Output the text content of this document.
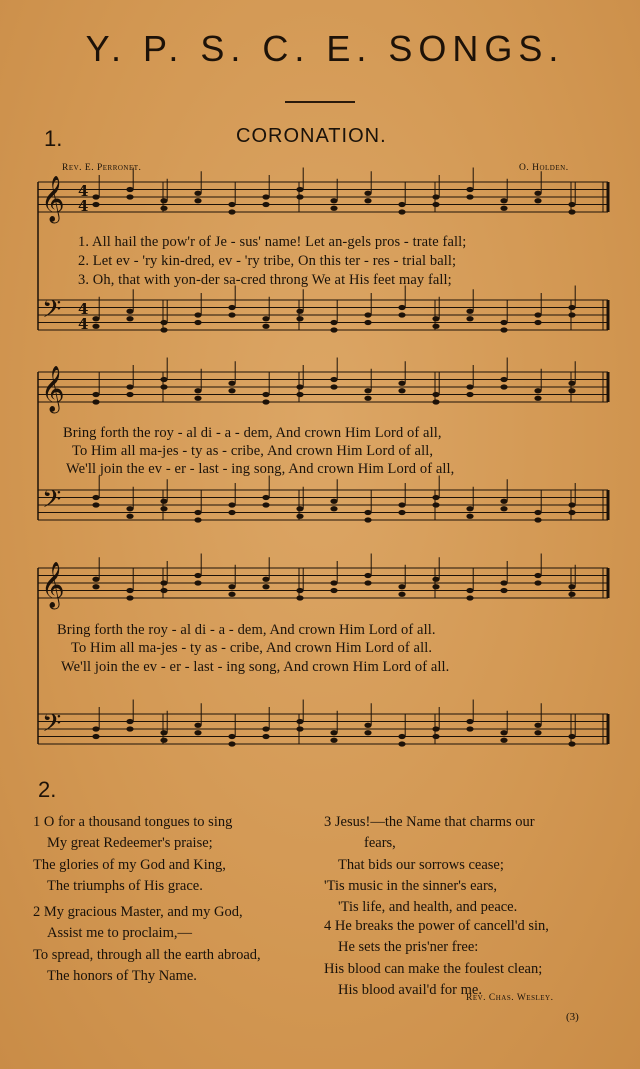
Y. P. S. C. E. SONGS.
1.	CORONATION.
Rev. E. Perronet.	O. Holden.
𝄞
𝄢
𝄞
𝄢
𝄞
𝄢
4
4
4
4
1. All hail the pow'r of Je - sus' name! Let an-gels pros - trate fall;
2. Let ev - 'ry kin-dred, ev - 'ry tribe, On this ter - res - trial ball;
3. Oh, that with yon-der sa-cred throng We at His feet may fall;
Bring forth the roy - al di - a - dem, And crown Him Lord of all,
To Him all ma-jes - ty as - cribe, And crown Him Lord of all,
We'll join the ev - er - last - ing song, And crown Him Lord of all,
Bring forth the roy - al di - a - dem, And crown Him Lord of all.
To Him all ma-jes - ty as - cribe, And crown Him Lord of all.
We'll join the ev - er - last - ing song, And crown Him Lord of all.
2.
1 O for a thousand tongues to sing
My great Redeemer's praise;
The glories of my God and King,
The triumphs of His grace.
2 My gracious Master, and my God,
Assist me to proclaim,—
To spread, through all the earth abroad,
The honors of Thy Name.
3 Jesus!—the Name that charms our
fears,
That bids our sorrows cease;
'Tis music in the sinner's ears,
'Tis life, and health, and peace.
4 He breaks the power of cancell'd sin,
He sets the pris'ner free:
His blood can make the foulest clean;
His blood avail'd for me.
Rev. Chas. Wesley.
(3)
